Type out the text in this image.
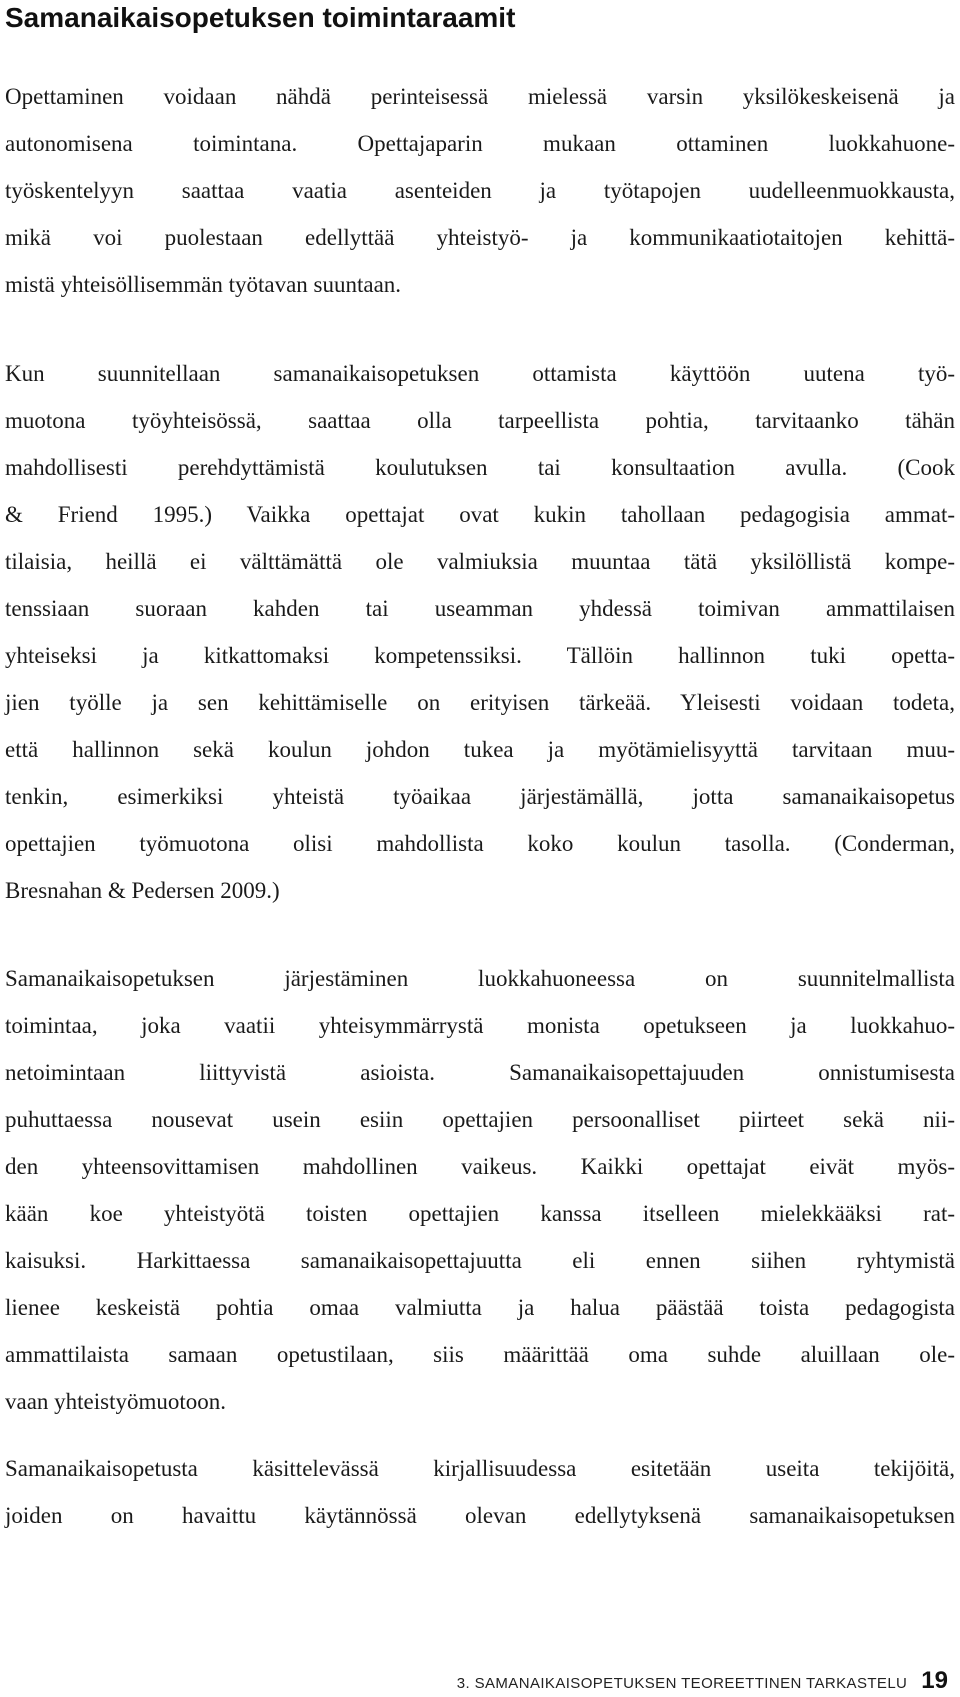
Samanaikaisopetuksen toimintaraamit
Opettaminen voidaan nähdä perinteisessä mielessä varsin yksilökeskeisenä ja
autonomisena toimintana. Opettajaparin mukaan ottaminen luokkahuone-
työskentelyyn saattaa vaatia asenteiden ja työtapojen uudelleenmuokkausta,
mikä voi puolestaan edellyttää yhteistyö- ja kommunikaatiotaitojen kehittä-
mistä yhteisöllisemmän työtavan suuntaan.
Kun suunnitellaan samanaikaisopetuksen ottamista käyttöön uutena työ-
muotona työyhteisössä, saattaa olla tarpeellista pohtia, tarvitaanko tähän
mahdollisesti perehdyttämistä koulutuksen tai konsultaation avulla. (Cook
& Friend 1995.) Vaikka opettajat ovat kukin tahollaan pedagogisia ammat-
tilaisia, heillä ei välttämättä ole valmiuksia muuntaa tätä yksilöllistä kompe-
tenssiaan suoraan kahden tai useamman yhdessä toimivan ammattilaisen
yhteiseksi ja kitkattomaksi kompetenssiksi. Tällöin hallinnon tuki opetta-
jien työlle ja sen kehittämiselle on erityisen tärkeää. Yleisesti voidaan todeta,
että hallinnon sekä koulun johdon tukea ja myötämielisyyttä tarvitaan muu-
tenkin, esimerkiksi yhteistä työaikaa järjestämällä, jotta samanaikaisopetus
opettajien työmuotona olisi mahdollista koko koulun tasolla. (Conderman,
Bresnahan & Pedersen 2009.)
Samanaikaisopetuksen järjestäminen luokkahuoneessa on suunnitelmallista
toimintaa, joka vaatii yhteisymmärrystä monista opetukseen ja luokkahuo-
netoimintaan liittyvistä asioista. Samanaikaisopettajuuden onnistumisesta
puhuttaessa nousevat usein esiin opettajien persoonalliset piirteet sekä nii-
den yhteensovittamisen mahdollinen vaikeus. Kaikki opettajat eivät myös-
kään koe yhteistyötä toisten opettajien kanssa itselleen mielekkääksi rat-
kaisuksi. Harkittaessa samanaikaisopettajuutta eli ennen siihen ryhtymistä
lienee keskeistä pohtia omaa valmiutta ja halua päästää toista pedagogista
ammattilaista samaan opetustilaan, siis määrittää oma suhde aluillaan ole-
vaan yhteistyömuotoon.
Samanaikaisopetusta käsittelevässä kirjallisuudessa esitetään useita tekijöitä,
joiden on havaittu käytännössä olevan edellytyksenä samanaikaisopetuksen
3. SAMANAIKAISOPETUKSEN TEOREETTINEN TARKASTELU 19
